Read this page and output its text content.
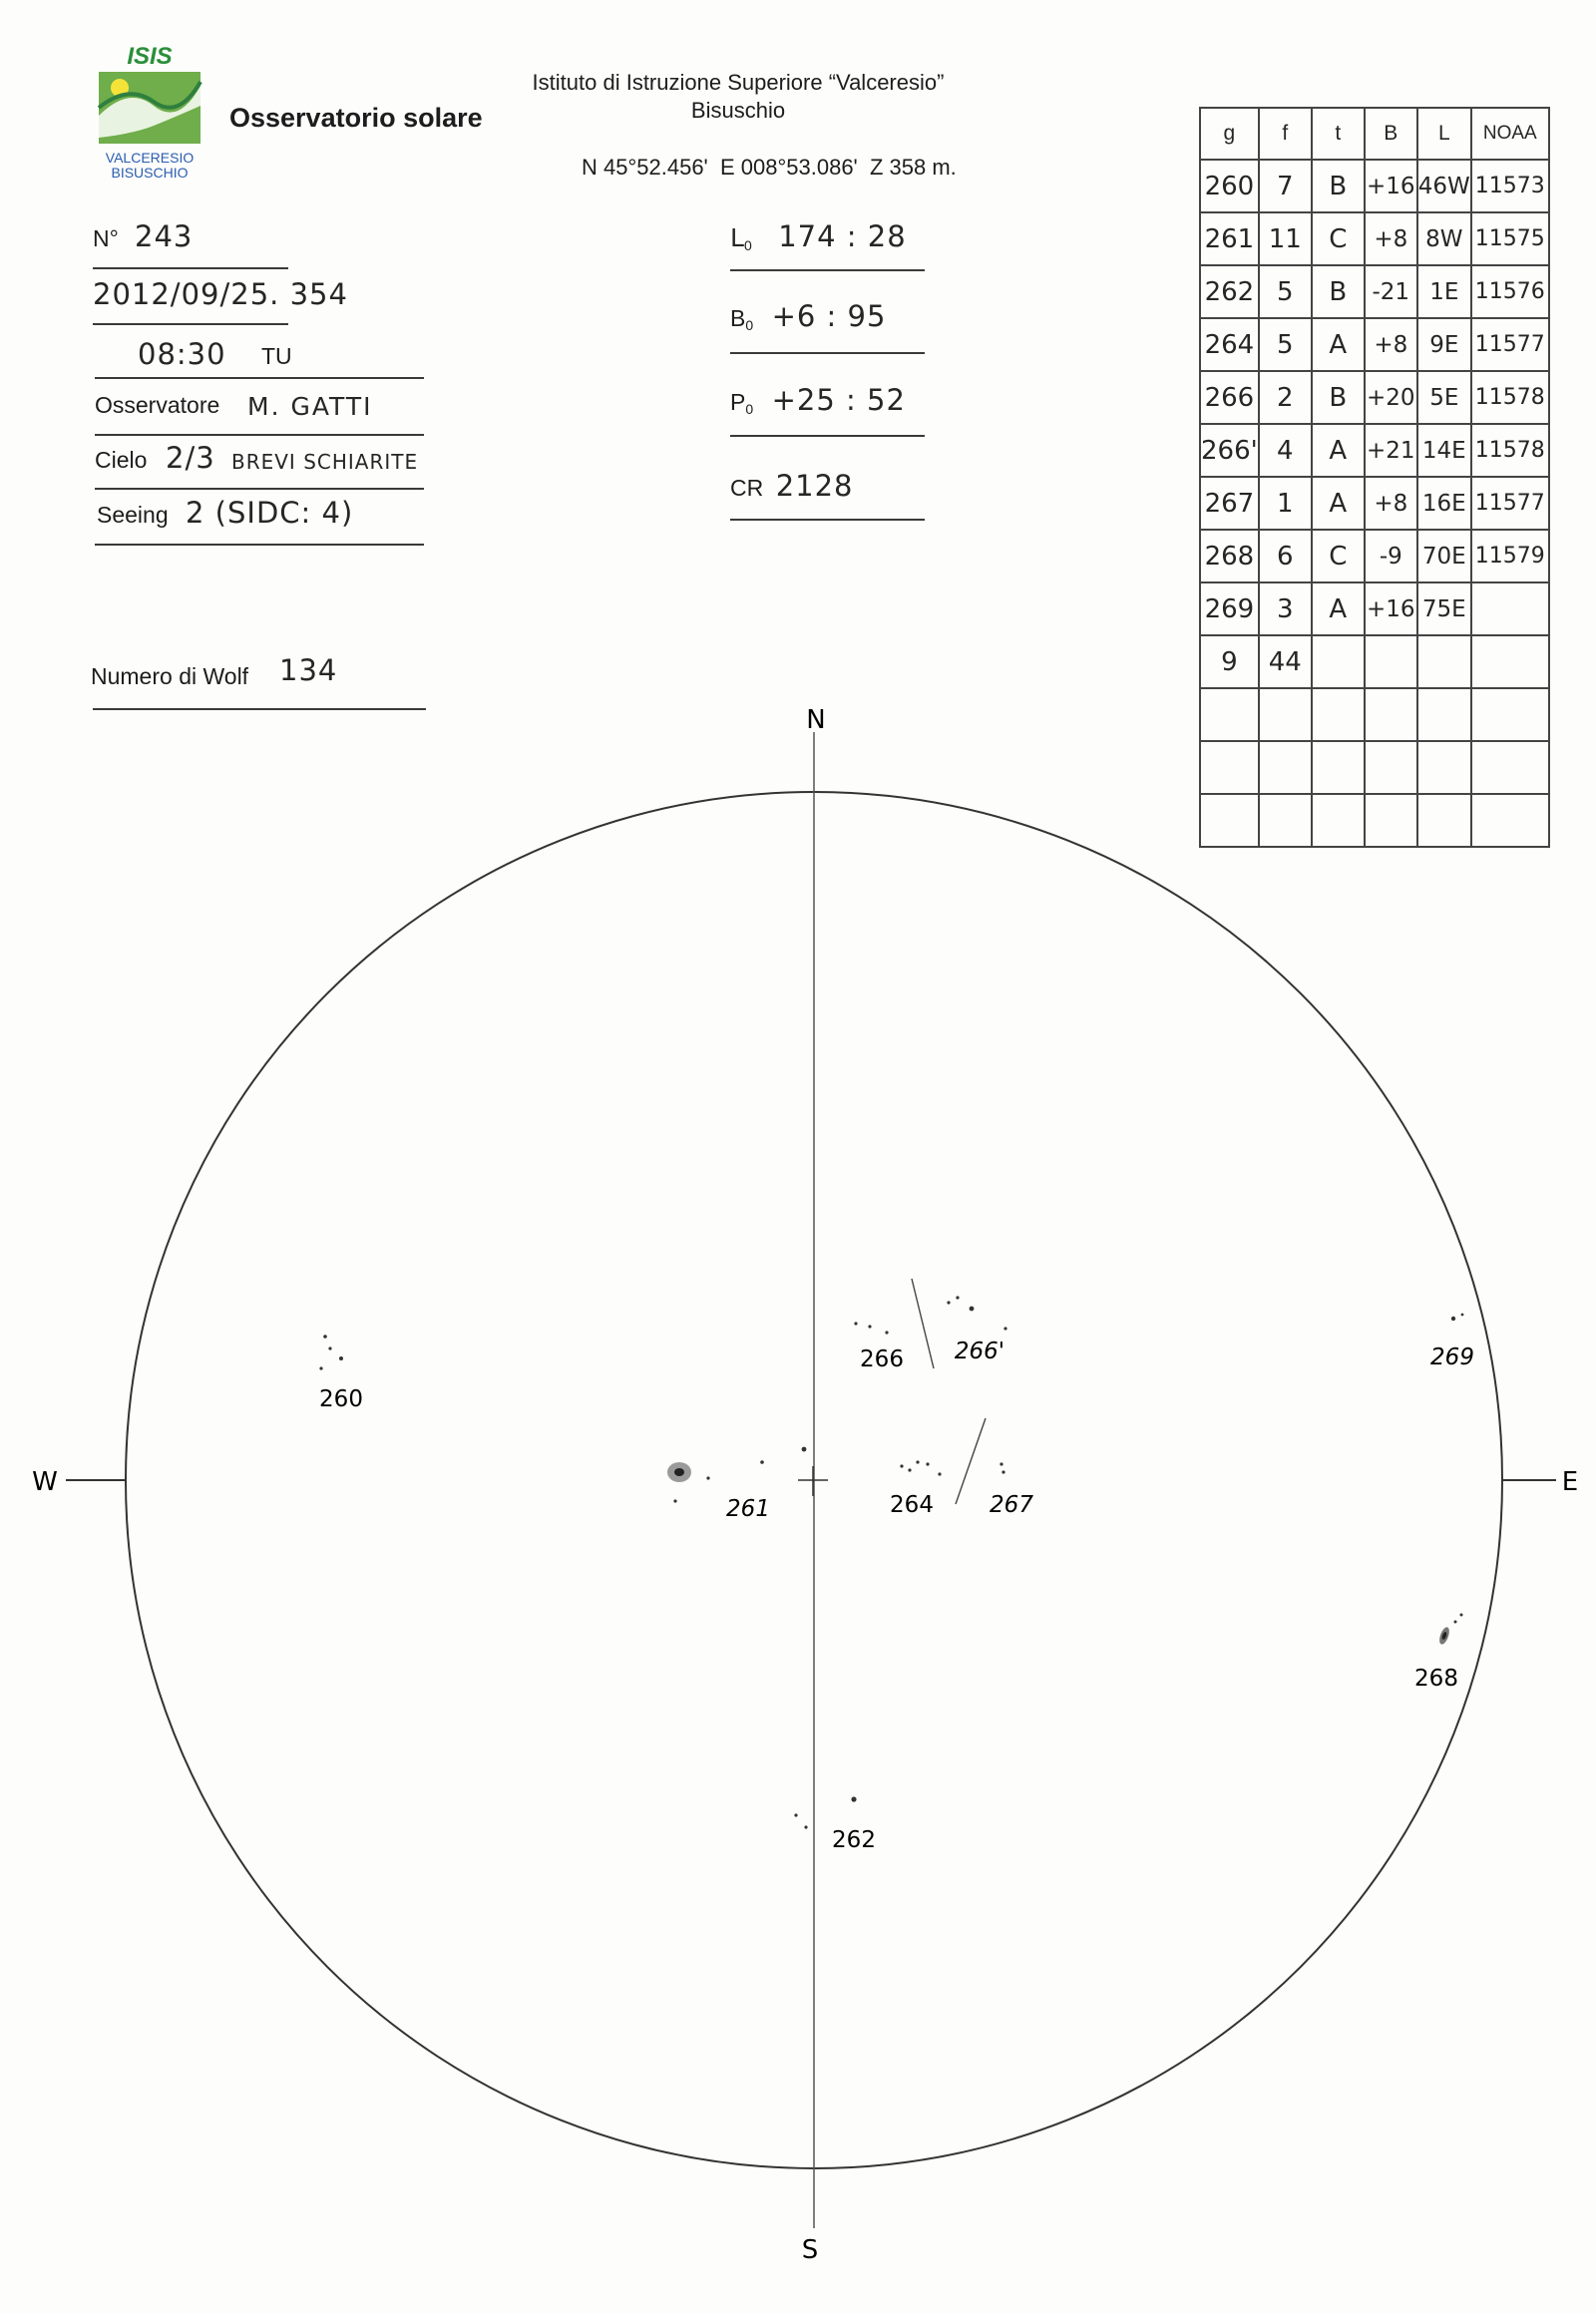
ISIS
VALCERESIO
BISUSCHIO
Osservatorio solare
Istituto di Istruzione Superiore “Valceresio”
Bisuschio
N 45°52.456'  E 008°53.086'  Z 358 m.
N° 243
2012/09/25. 354
08:30 TU
Osservatore M. GATTI
Cielo 2/3 BREVI SCHIARITE
Seeing 2 (SIDC: 4)
Numero di Wolf 134
$L_0$ 174 : 28
$B_0 +6$ : 95
$P_0 +25$ : 52
CR 2128
g	f	t	B	L	NOAA
260	7	B	+16	46W	11573
261	11	C	+8	8W	11575
262	5	B	-21	1E	11576
264	5	A	+8	9E	11577
266	2	B	+20	5E	11578
266'	4	A	+21	14E	11578
267	1	A	+8	16E	11577
268	6	C	-9	70E	11579
269	3	A	+16	75E	
9	44				

N
S
W	E
260
261
262
264
266 266'
267
268
269
